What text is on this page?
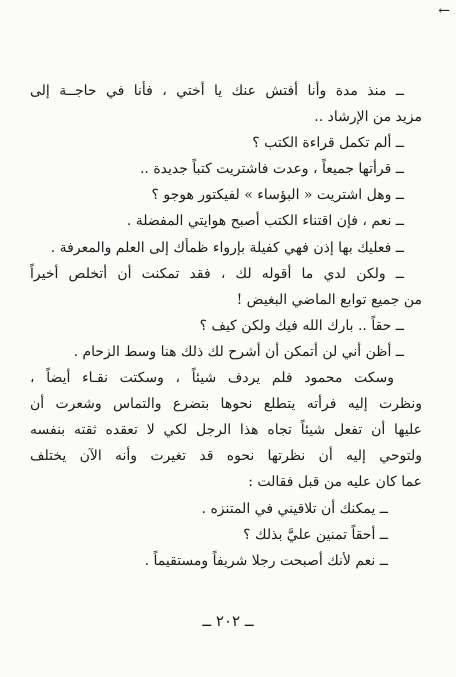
←
ــ منذ مدة وأنا أفتش عنك يا أختي ، فأنا في حاجــة إلى
مزيد من الإرشاد ..
ــ ألم تكمل قراءة الكتب ؟
ــ قرأتها جميعاً ، وعدت فاشتريت كتباً جديدة ..
ــ وهل اشتريت « البؤساء » لفيكتور هوجو ؟
ــ نعم ، فإن اقتناء الكتب أصبح هوايتي المفضلة .
ــ فعليك بها إذن فهي كفيلة بإرواء ظمأك إلى العلم والمعرفة .
ــ ولكن لدي ما أقوله لك ، فقد تمكنت أن أتخلص أخيراً
من جميع توابع الماضي البغيض !
ــ حقاً .. بارك الله فيك ولكن كيف ؟
ــ أظن أني لن أتمكن أن أشرح لك ذلك هنا وسط الزحام .
وسكت محمود فلم يردف شيئاً ، وسكتت نقـاء أيضاً ،
ونظرت إليه فرأته يتطلع نحوها بتضرع والتماس وشعرت أن
عليها أن تفعل شيئاً تجاه هذا الرجل لكي لا تعقده ثقته بنفسه
ولتوحي إليه أن نظرتها نحوه قد تغيرت وأنه الآن يختلف
عما كان عليه من قبل فقالت :
ــ يمكنك أن تلاقيني في المتنزه .
ــ أحقاً تمنين عليَّ بذلك ؟
ــ نعم لأنك أصبحت رجلا شريفاً ومستقيماً .
ــ ٢٠٢ ــ
